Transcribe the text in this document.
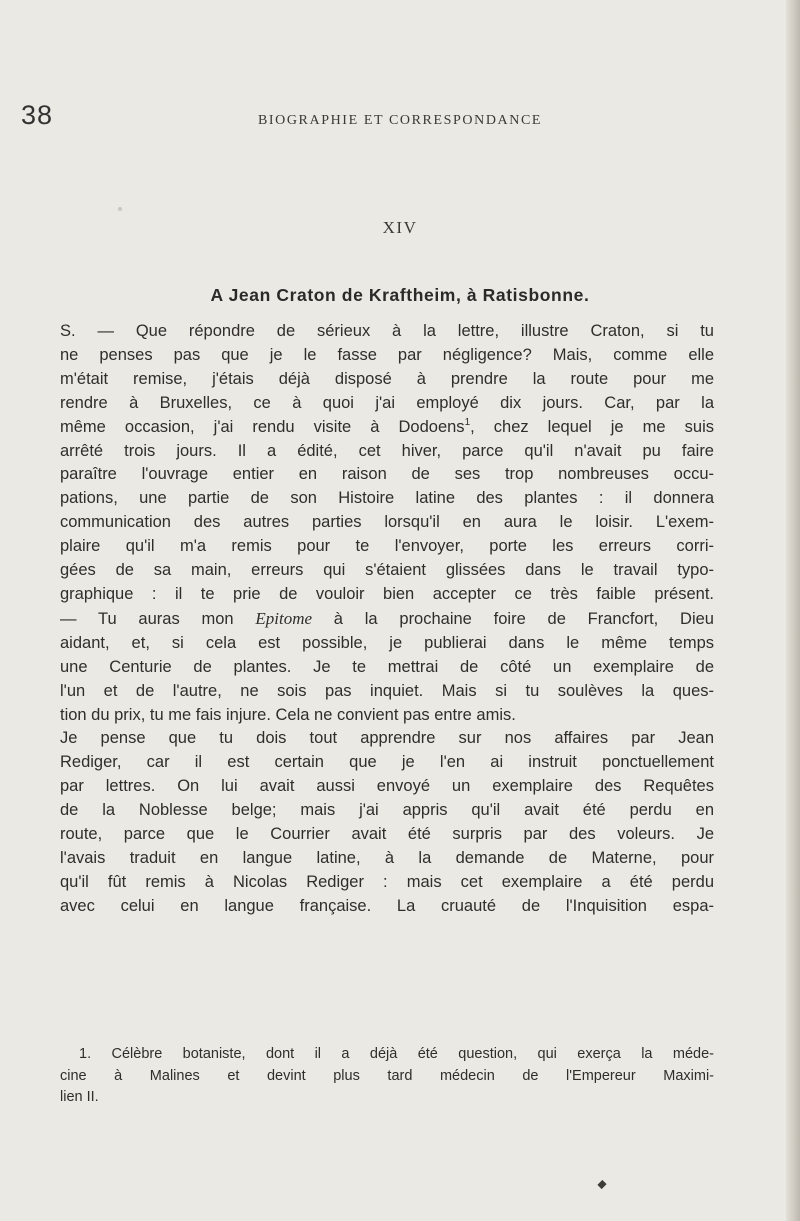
38	BIOGRAPHIE ET CORRESPONDANCE
XIV
A Jean Craton de Kraftheim, à Ratisbonne.

S. — Que répondre de sérieux à la lettre, illustre Craton, si tu
ne penses pas que je le fasse par négligence? Mais, comme elle
m'était remise, j'étais déjà disposé à prendre la route pour me
rendre à Bruxelles, ce à quoi j'ai employé dix jours. Car, par la
même occasion, j'ai rendu visite à Dodoens$^1$, chez lequel je me suis
arrêté trois jours. Il a édité, cet hiver, parce qu'il n'avait pu faire
paraître l'ouvrage entier en raison de ses trop nombreuses occu-
pations, une partie de son Histoire latine des plantes : il donnera
communication des autres parties lorsqu'il en aura le loisir. L'exem-
plaire qu'il m'a remis pour te l'envoyer, porte les erreurs corri-
gées de sa main, erreurs qui s'étaient glissées dans le travail typo-
graphique : il te prie de vouloir bien accepter ce très faible présent.
— Tu auras mon Epitome à la prochaine foire de Francfort, Dieu
aidant, et, si cela est possible, je publierai dans le même temps
une Centurie de plantes. Je te mettrai de côté un exemplaire de
l'un et de l'autre, ne sois pas inquiet. Mais si tu soulèves la ques-
tion du prix, tu me fais injure. Cela ne convient pas entre amis.
Je pense que tu dois tout apprendre sur nos affaires par Jean
Rediger, car il est certain que je l'en ai instruit ponctuellement
par lettres. On lui avait aussi envoyé un exemplaire des Requêtes
de la Noblesse belge; mais j'ai appris qu'il avait été perdu en
route, parce que le Courrier avait été surpris par des voleurs. Je
l'avais traduit en langue latine, à la demande de Materne, pour
qu'il fût remis à Nicolas Rediger : mais cet exemplaire a été perdu
avec celui en langue française. La cruauté de l'Inquisition espa-

1. Célèbre botaniste, dont il a déjà été question, qui exerça la méde-
cine à Malines et devint plus tard médecin de l'Empereur Maximi-
lien II.
